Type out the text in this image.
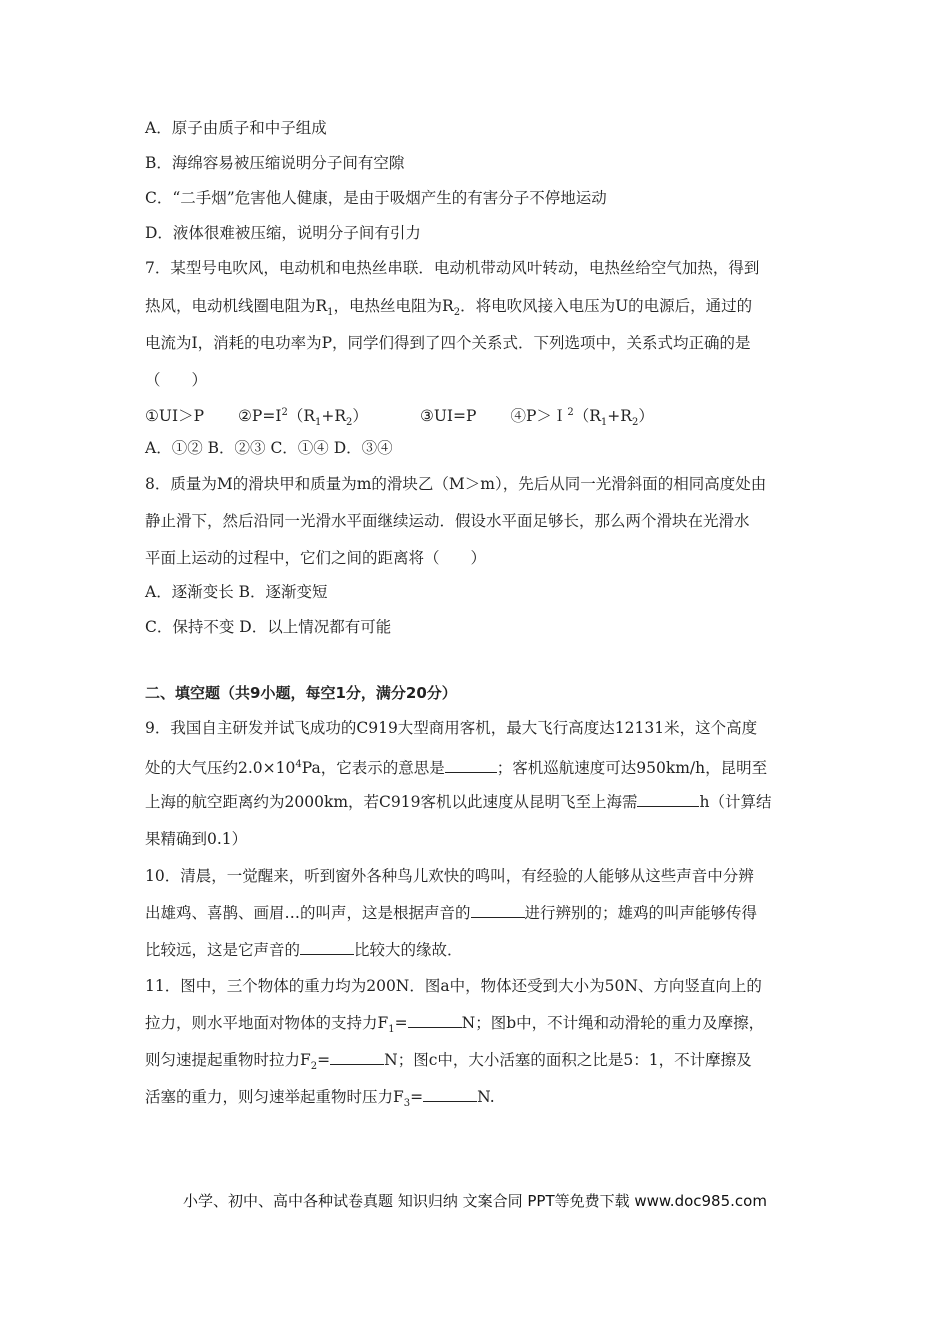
A．原子由质子和中子组成
B．海绵容易被压缩说明分子间有空隙
C．“二手烟”危害他人健康，是由于吸烟产生的有害分子不停地运动
D．液体很难被压缩，说明分子间有引力
7．某型号电吹风，电动机和电热丝串联．电动机带动风叶转动，电热丝给空气加热，得到
热风，电动机线圈电阻为$R_1$，电热丝电阻为$R_2$．将电吹风接入电压为U的电源后，通过的
电流为I，消耗的电功率为P，同学们得到了四个关系式．下列选项中，关系式均正确的是
（　　）
①UI＞P $②P=I^2(R_1+R_2)$	③UI=P $④P>I^2(R_1+R_2)$
A．①② B．②③ C．①④ D．③④
8．质量为M的滑块甲和质量为m的滑块乙（M＞m），先后从同一光滑斜面的相同高度处由
静止滑下，然后沿同一光滑水平面继续运动．假设水平面足够长，那么两个滑块在光滑水
平面上运动的过程中，它们之间的距离将（　　）
A．逐渐变长 B．逐渐变短
C．保持不变 D．以上情况都有可能
二、填空题（共9小题，每空1分，满分20分）
9．我国自主研发并试飞成功的C919大型商用客机，最大飞行高度达12131米，这个高度
处的大气压约$2.0\times 10^4Pa$，它表示的意思是	；客机巡航速度可达950km/h，昆明至
上海的航空距离约为2000km，若C919客机以此速度从昆明飞至上海需	h（计算结
果精确到0.1）
10．清晨，一觉醒来，听到窗外各种鸟儿欢快的鸣叫，有经验的人能够从这些声音中分辨
出雄鸡、喜鹊、画眉…的叫声，这是根据声音的	进行辨别的；雄鸡的叫声能够传得
比较远，这是它声音的	比较大的缘故．
11．图中，三个物体的重力均为200N．图a中，物体还受到大小为50N、方向竖直向上的
拉力，则水平地面对物体的支持力$F_1=$	N；图b中，不计绳和动滑轮的重力及摩擦，
则匀速提起重物时拉力$F_2=$	N；图c中，大小活塞的面积之比是5：1，不计摩擦及
活塞的重力，则匀速举起重物时压力$F_3=$	N.
小学、初中、高中各种试卷真题 知识归纳 文案合同 PPT等免费下载 www.doc985.com
